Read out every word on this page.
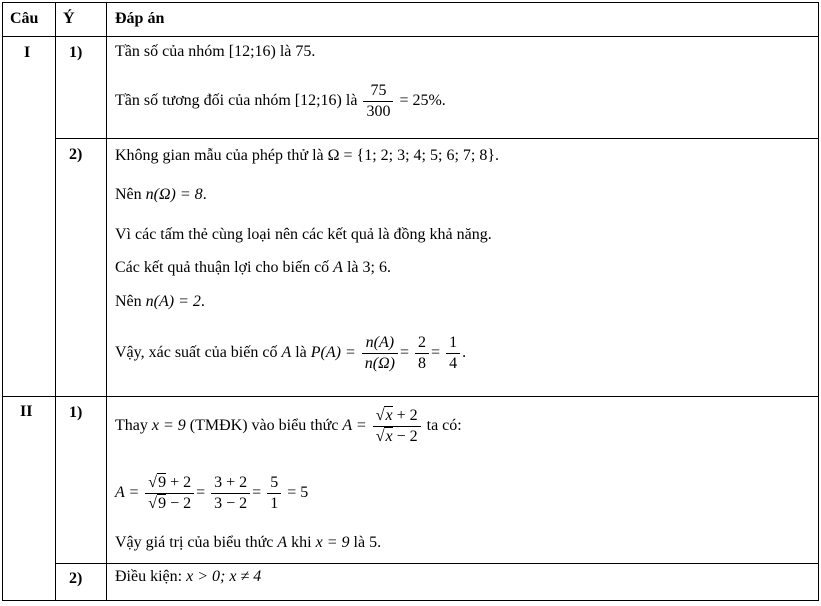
Câu Ý	Đáp án
I 1) Tần số của nhóm [12;16) là 75.
Tần số tương đối của nhóm [12;16) là $\frac{75}{300} = 25\%$.
2) Không gian mẫu của phép thử là Ω = {1; 2; 3; 4; 5; 6; 7; 8}.
Nên n(Ω) = 8.
Vì các tấm thẻ cùng loại nên các kết quả là đồng khả năng.
Các kết quả thuận lợi cho biến cố A là 3; 6.
Nên n(A) = 2.
Vậy, xác suất của biến cố A là $P(A) = \frac{n(A)}{n(\Omega)} = \frac{2}{8} = \frac{1}{4}$ .
II 1)
Thay x = 9 (TMĐK) vào biểu thức $A = \frac{√x + 2}{√x - 2}$ ta có:
$A = \frac{√9 + 2}{√9 - 2} = \frac{3 + 2}{3 - 2} = \frac{5}{1} = 5$
Vậy giá trị của biểu thức A khi x = 9 là 5.
2) Điều kiện: x > 0; x ≠ 4
